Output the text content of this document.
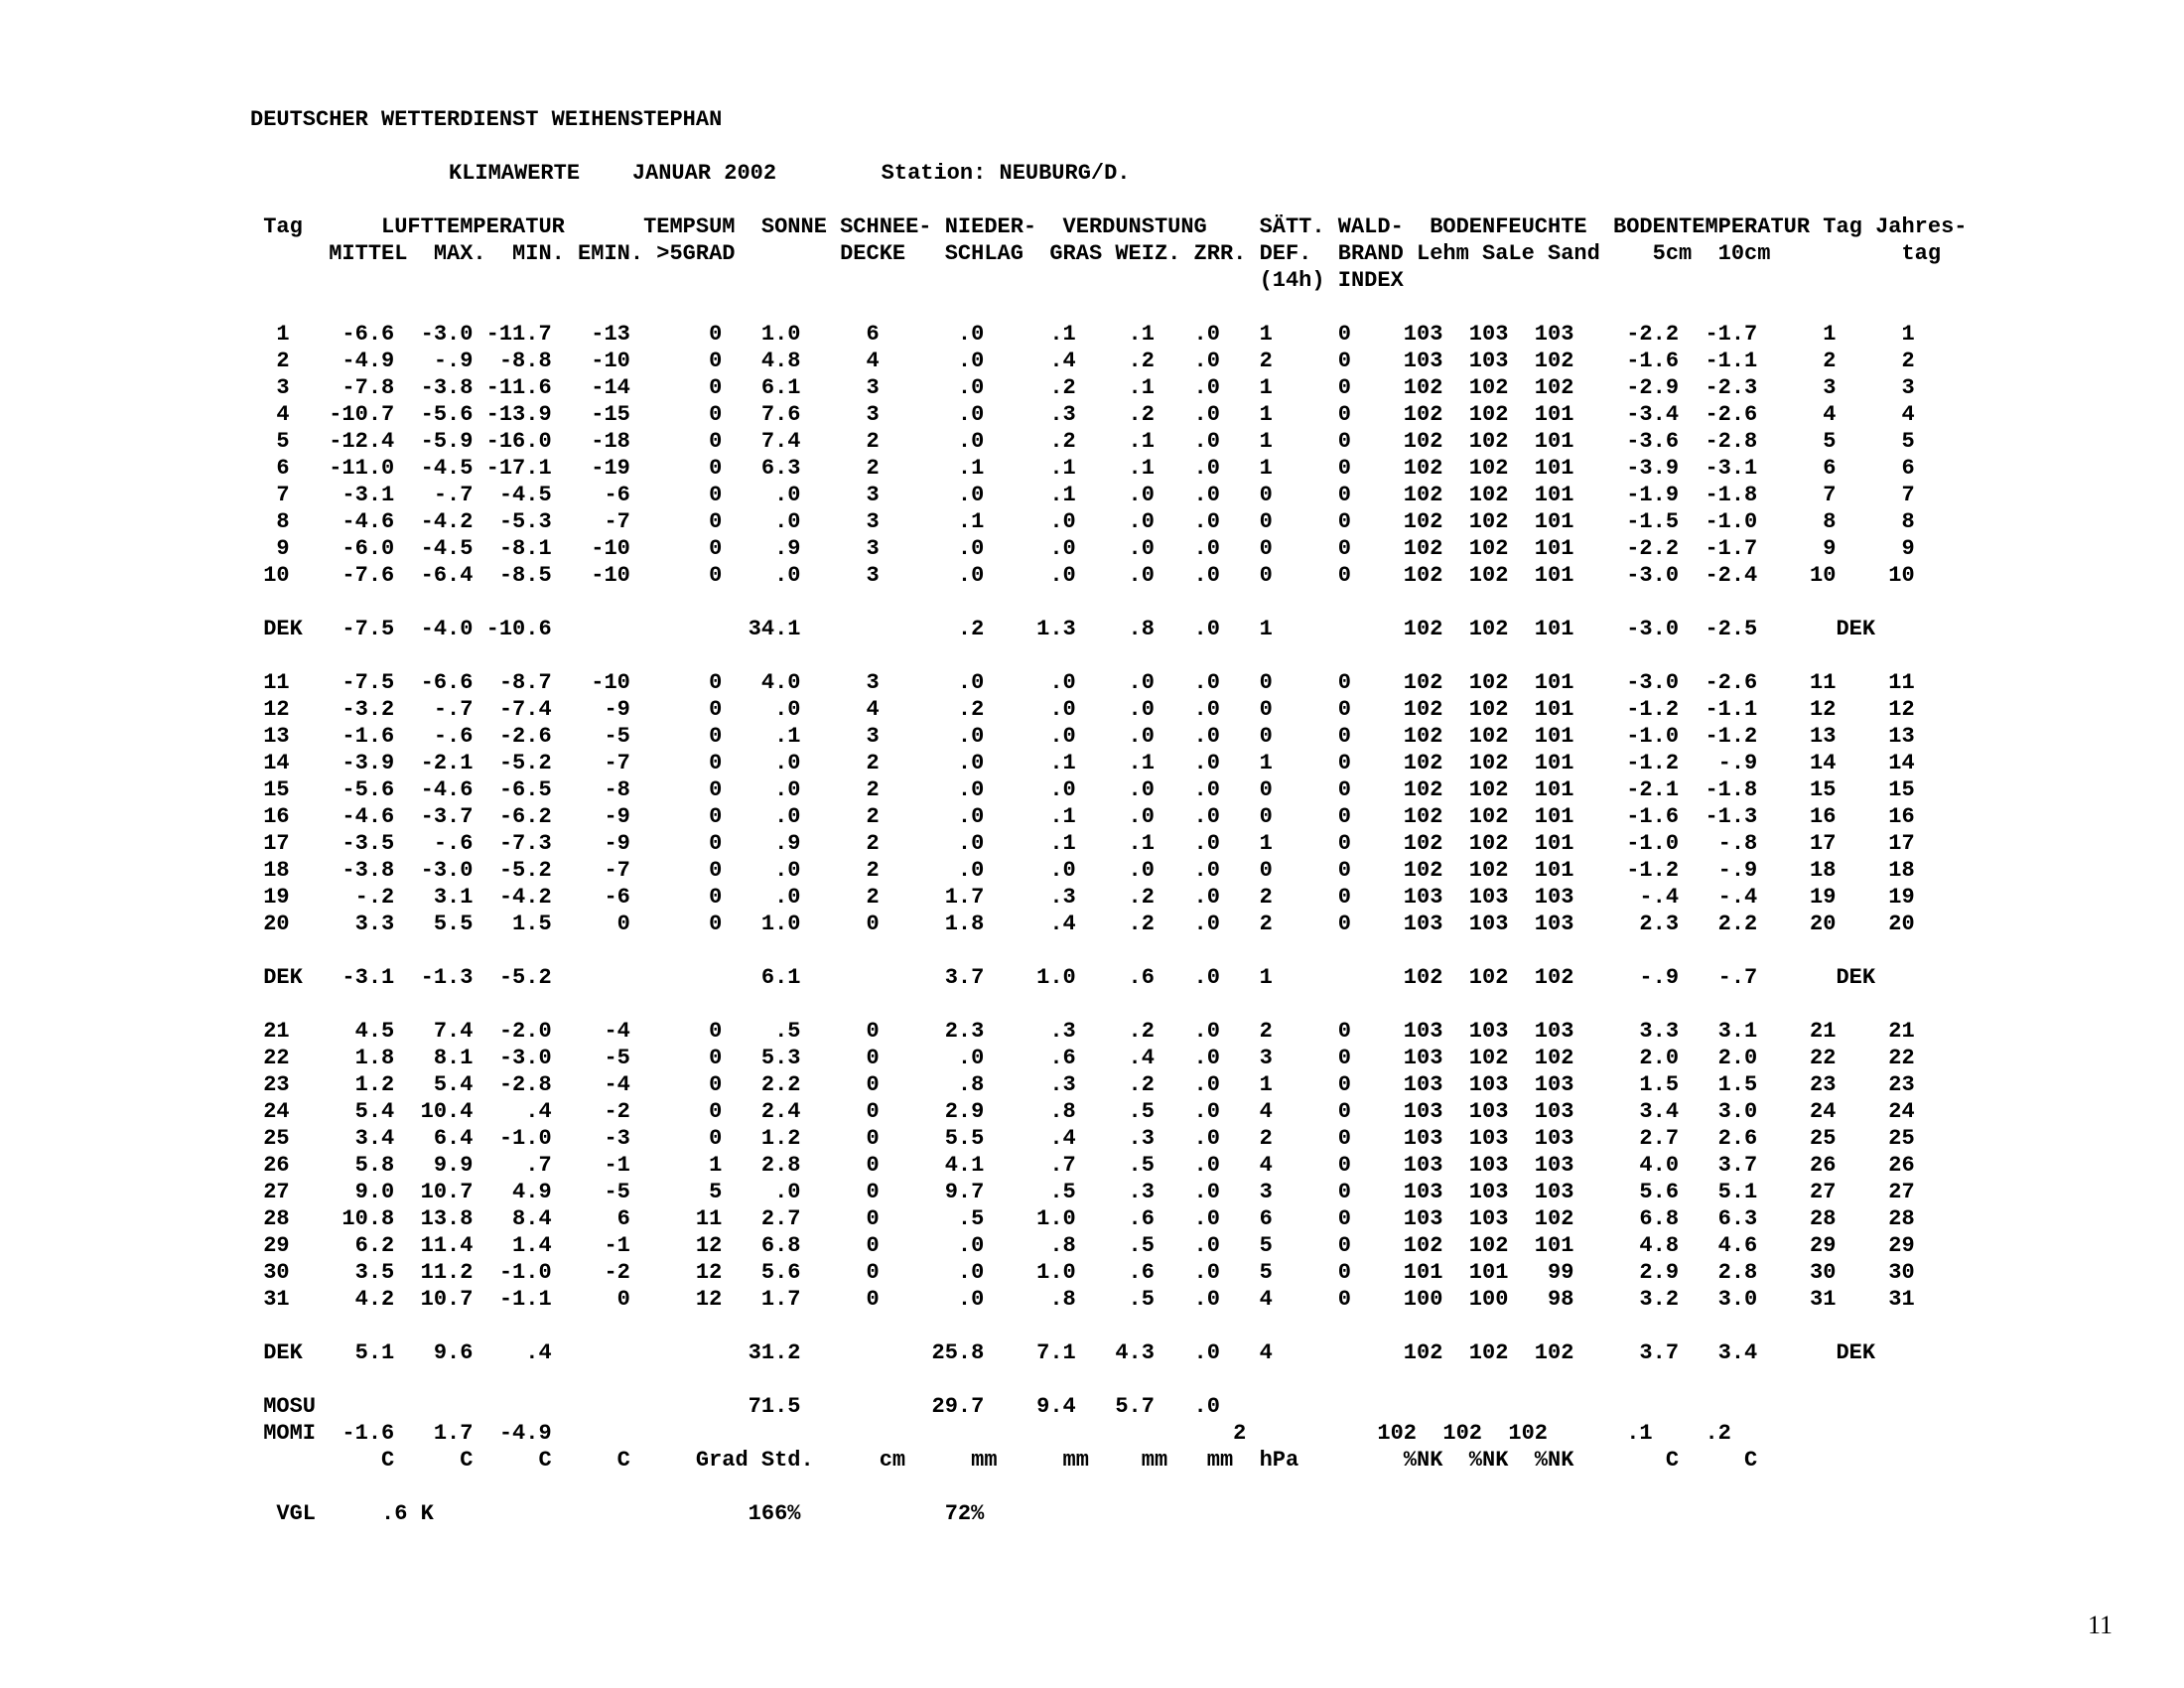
DEUTSCHER WETTERDIENST WEIHENSTEPHAN
KLIMAWERTE    JANUAR 2002        Station: NEUBURG/D.
Tag      LUFTTEMPERATUR      TEMPSUM  SONNE SCHNEE- NIEDER-  VERDUNSTUNG    SÄTT. WALD-  BODENFEUCHTE  BODENTEMPERATUR Tag Jahres-
MITTEL  MAX.  MIN. EMIN. >5GRAD        DECKE   SCHLAG  GRAS WEIZ. ZRR. DEF.  BRAND Lehm SaLe Sand    5cm  10cm          tag
(14h) INDEX
1    -6.6  -3.0 -11.7   -13      0   1.0     6      .0     .1    .1   .0   1     0    103  103  103    -2.2  -1.7     1     1
2    -4.9   -.9  -8.8   -10      0   4.8     4      .0     .4    .2   .0   2     0    103  103  102    -1.6  -1.1     2     2
3    -7.8  -3.8 -11.6   -14      0   6.1     3      .0     .2    .1   .0   1     0    102  102  102    -2.9  -2.3     3     3
4   -10.7  -5.6 -13.9   -15      0   7.6     3      .0     .3    .2   .0   1     0    102  102  101    -3.4  -2.6     4     4
5   -12.4  -5.9 -16.0   -18      0   7.4     2      .0     .2    .1   .0   1     0    102  102  101    -3.6  -2.8     5     5
6   -11.0  -4.5 -17.1   -19      0   6.3     2      .1     .1    .1   .0   1     0    102  102  101    -3.9  -3.1     6     6
7    -3.1   -.7  -4.5    -6      0    .0     3      .0     .1    .0   .0   0     0    102  102  101    -1.9  -1.8     7     7
8    -4.6  -4.2  -5.3    -7      0    .0     3      .1     .0    .0   .0   0     0    102  102  101    -1.5  -1.0     8     8
9    -6.0  -4.5  -8.1   -10      0    .9     3      .0     .0    .0   .0   0     0    102  102  101    -2.2  -1.7     9     9
10    -7.6  -6.4  -8.5   -10      0    .0     3      .0     .0    .0   .0   0     0    102  102  101    -3.0  -2.4    10    10
DEK   -7.5  -4.0 -10.6               34.1            .2    1.3    .8   .0   1          102  102  101    -3.0  -2.5      DEK
11    -7.5  -6.6  -8.7   -10      0   4.0     3      .0     .0    .0   .0   0     0    102  102  101    -3.0  -2.6    11    11
12    -3.2   -.7  -7.4    -9      0    .0     4      .2     .0    .0   .0   0     0    102  102  101    -1.2  -1.1    12    12
13    -1.6   -.6  -2.6    -5      0    .1     3      .0     .0    .0   .0   0     0    102  102  101    -1.0  -1.2    13    13
14    -3.9  -2.1  -5.2    -7      0    .0     2      .0     .1    .1   .0   1     0    102  102  101    -1.2   -.9    14    14
15    -5.6  -4.6  -6.5    -8      0    .0     2      .0     .0    .0   .0   0     0    102  102  101    -2.1  -1.8    15    15
16    -4.6  -3.7  -6.2    -9      0    .0     2      .0     .1    .0   .0   0     0    102  102  101    -1.6  -1.3    16    16
17    -3.5   -.6  -7.3    -9      0    .9     2      .0     .1    .1   .0   1     0    102  102  101    -1.0   -.8    17    17
18    -3.8  -3.0  -5.2    -7      0    .0     2      .0     .0    .0   .0   0     0    102  102  101    -1.2   -.9    18    18
19     -.2   3.1  -4.2    -6      0    .0     2     1.7     .3    .2   .0   2     0    103  103  103     -.4   -.4    19    19
20     3.3   5.5   1.5     0      0   1.0     0     1.8     .4    .2   .0   2     0    103  103  103     2.3   2.2    20    20
DEK   -3.1  -1.3  -5.2                6.1           3.7    1.0    .6   .0   1          102  102  102     -.9   -.7      DEK
21     4.5   7.4  -2.0    -4      0    .5     0     2.3     .3    .2   .0   2     0    103  103  103     3.3   3.1    21    21
22     1.8   8.1  -3.0    -5      0   5.3     0      .0     .6    .4   .0   3     0    103  102  102     2.0   2.0    22    22
23     1.2   5.4  -2.8    -4      0   2.2     0      .8     .3    .2   .0   1     0    103  103  103     1.5   1.5    23    23
24     5.4  10.4    .4    -2      0   2.4     0     2.9     .8    .5   .0   4     0    103  103  103     3.4   3.0    24    24
25     3.4   6.4  -1.0    -3      0   1.2     0     5.5     .4    .3   .0   2     0    103  103  103     2.7   2.6    25    25
26     5.8   9.9    .7    -1      1   2.8     0     4.1     .7    .5   .0   4     0    103  103  103     4.0   3.7    26    26
27     9.0  10.7   4.9    -5      5    .0     0     9.7     .5    .3   .0   3     0    103  103  103     5.6   5.1    27    27
28    10.8  13.8   8.4     6     11   2.7     0      .5    1.0    .6   .0   6     0    103  103  102     6.8   6.3    28    28
29     6.2  11.4   1.4    -1     12   6.8     0      .0     .8    .5   .0   5     0    102  102  101     4.8   4.6    29    29
30     3.5  11.2  -1.0    -2     12   5.6     0      .0    1.0    .6   .0   5     0    101  101   99     2.9   2.8    30    30
31     4.2  10.7  -1.1     0     12   1.7     0      .0     .8    .5   .0   4     0    100  100   98     3.2   3.0    31    31
DEK    5.1   9.6    .4               31.2          25.8    7.1   4.3   .0   4          102  102  102     3.7   3.4      DEK
MOSU                                 71.5          29.7    9.4   5.7   .0
MOMI  -1.6   1.7  -4.9                                                    2          102  102  102      .1    .2
C     C     C     C     Grad Std.     cm     mm     mm    mm   mm  hPa        %NK  %NK  %NK       C     C
VGL     .6 K                        166%           72%
11
